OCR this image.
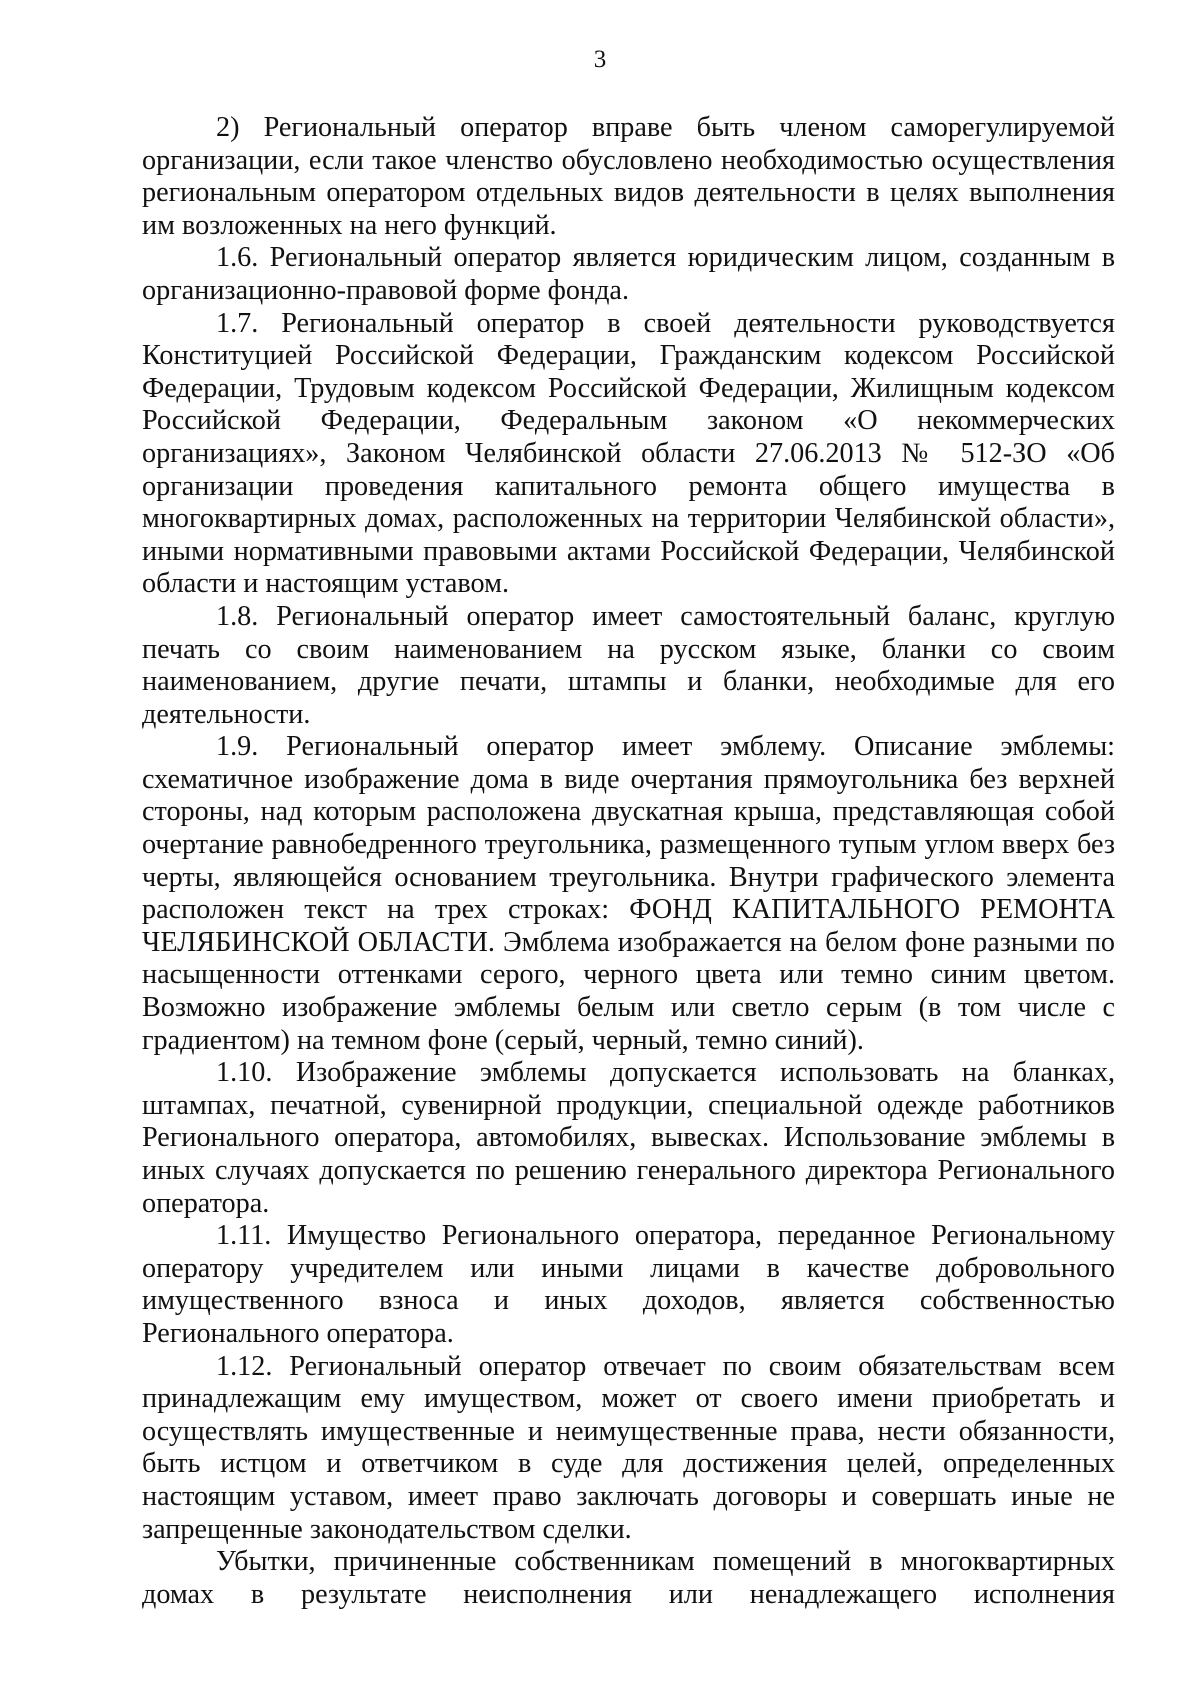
3

2) Региональный оператор вправе быть членом саморегулируемой организации, если такое членство обусловлено необходимостью осуществления региональным оператором отдельных видов деятельности в целях выполнения им возложенных на него функций.

1.6. Региональный оператор является юридическим лицом, созданным в организационно-правовой форме фонда.

1.7. Региональный оператор в своей деятельности руководствуется Конституцией Российской Федерации, Гражданским кодексом Российской Федерации, Трудовым кодексом Российской Федерации, Жилищным кодексом Российской Федерации, Федеральным законом «О некоммерческих организациях», Законом Челябинской области 27.06.2013 № 512-ЗО «Об организации проведения капитального ремонта общего имущества в многоквартирных домах, расположенных на территории Челябинской области», иными нормативными правовыми актами Российской Федерации, Челябинской области и настоящим уставом.

1.8. Региональный оператор имеет самостоятельный баланс, круглую печать со своим наименованием на русском языке, бланки со своим наименованием, другие печати, штампы и бланки, необходимые для его деятельности.

1.9. Региональный оператор имеет эмблему. Описание эмблемы: схематичное изображение дома в виде очертания прямоугольника без верхней стороны, над которым расположена двускатная крыша, представляющая собой очертание равнобедренного треугольника, размещенного тупым углом вверх без черты, являющейся основанием треугольника. Внутри графического элемента расположен текст на трех строках: ФОНД КАПИТАЛЬНОГО РЕМОНТА ЧЕЛЯБИНСКОЙ ОБЛАСТИ. Эмблема изображается на белом фоне разными по насыщенности оттенками серого, черного цвета или темно синим цветом. Возможно изображение эмблемы белым или светло серым (в том числе с градиентом) на темном фоне (серый, черный, темно синий).

1.10. Изображение эмблемы допускается использовать на бланках, штампах, печатной, сувенирной продукции, специальной одежде работников Регионального оператора, автомобилях, вывесках. Использование эмблемы в иных случаях допускается по решению генерального директора Регионального оператора.

1.11. Имущество Регионального оператора, переданное Региональному оператору учредителем или иными лицами в качестве добровольного имущественного взноса и иных доходов, является собственностью Регионального оператора.

1.12. Региональный оператор отвечает по своим обязательствам всем принадлежащим ему имуществом, может от своего имени приобретать и осуществлять имущественные и неимущественные права, нести обязанности, быть истцом и ответчиком в суде для достижения целей, определенных настоящим уставом, имеет право заключать договоры и совершать иные не запрещенные законодательством сделки.

Убытки, причиненные собственникам помещений в многоквартирных домах в результате неисполнения или ненадлежащего исполнения
